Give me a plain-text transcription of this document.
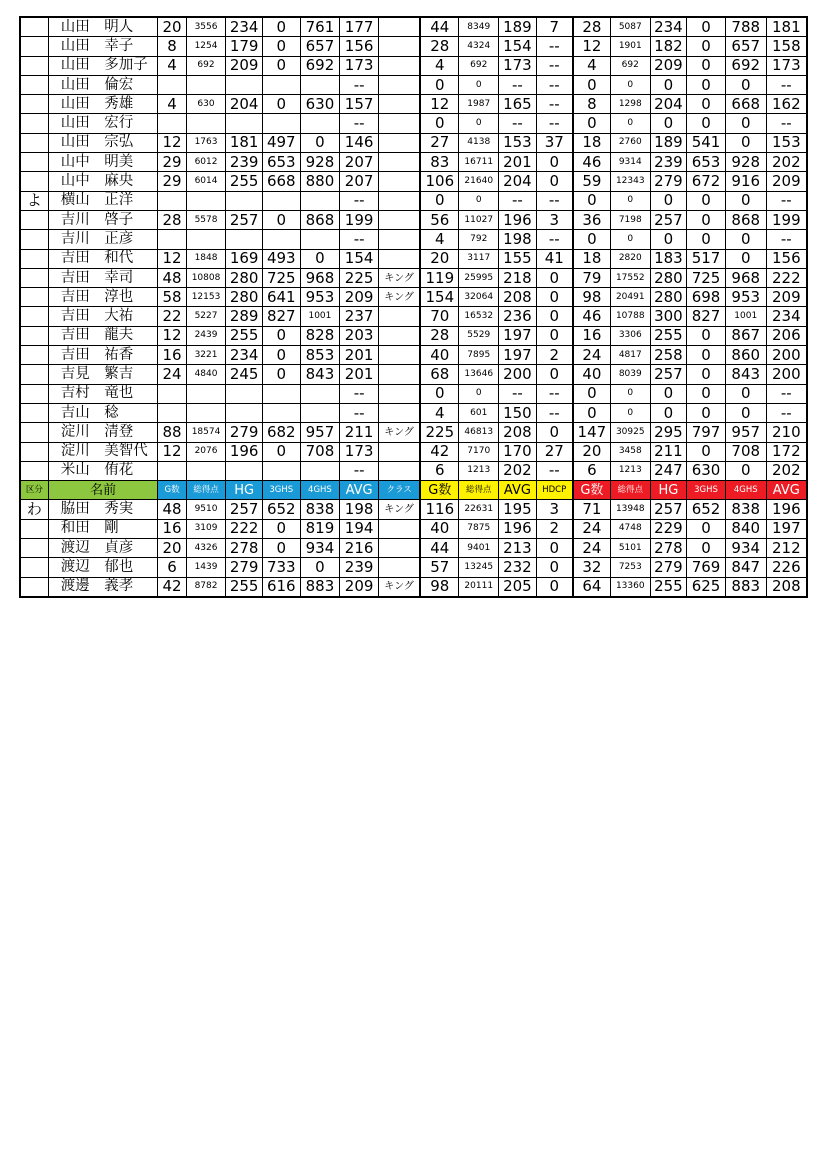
	山田　明人	20	3556	234	0	761	177		44	8349	189	7	28	5087	234	0	788	181
	山田　幸子	8	1254	179	0	657	156		28	4324	154	--	12	1901	182	0	657	158
	山田　多加子	4	692	209	0	692	173		4	692	173	--	4	692	209	0	692	173
	山田　倫宏						--		0	0	--	--	0	0	0	0	0	--
	山田　秀雄	4	630	204	0	630	157		12	1987	165	--	8	1298	204	0	668	162
	山田　宏行						--		0	0	--	--	0	0	0	0	0	--
	山田　宗弘	12	1763	181	497	0	146		27	4138	153	37	18	2760	189	541	0	153
	山中　明美	29	6012	239	653	928	207		83	16711	201	0	46	9314	239	653	928	202
	山中　麻央	29	6014	255	668	880	207		106	21640	204	0	59	12343	279	672	916	209
よ	横山　正洋						--		0	0	--	--	0	0	0	0	0	--
	吉川　啓子	28	5578	257	0	868	199		56	11027	196	3	36	7198	257	0	868	199
	吉川　正彦						--		4	792	198	--	0	0	0	0	0	--
	吉田　和代	12	1848	169	493	0	154		20	3117	155	41	18	2820	183	517	0	156
	吉田　幸司	48	10808	280	725	968	225	キング	119	25995	218	0	79	17552	280	725	968	222
	吉田　淳也	58	12153	280	641	953	209	キング	154	32064	208	0	98	20491	280	698	953	209
	吉田　大祐	22	5227	289	827	1001	237		70	16532	236	0	46	10788	300	827	1001	234
	吉田　龍夫	12	2439	255	0	828	203		28	5529	197	0	16	3306	255	0	867	206
	吉田　祐香	16	3221	234	0	853	201		40	7895	197	2	24	4817	258	0	860	200
	吉見　繁吉	24	4840	245	0	843	201		68	13646	200	0	40	8039	257	0	843	200
	吉村　竜也						--		0	0	--	--	0	0	0	0	0	--
	吉山　稔						--		4	601	150	--	0	0	0	0	0	--
	淀川　清登	88	18574	279	682	957	211	キング	225	46813	208	0	147	30925	295	797	957	210
	淀川　美智代	12	2076	196	0	708	173		42	7170	170	27	20	3458	211	0	708	172
	米山　侑花						--		6	1213	202	--	6	1213	247	630	0	202
区分	名前	G数	総得点	HG	3GHS	4GHS	AVG	クラス	G数	総得点	AVG	HDCP	G数	総得点	HG	3GHS	4GHS	AVG
わ	脇田　秀実	48	9510	257	652	838	198	キング	116	22631	195	3	71	13948	257	652	838	196
	和田　剛	16	3109	222	0	819	194		40	7875	196	2	24	4748	229	0	840	197
	渡辺　貞彦	20	4326	278	0	934	216		44	9401	213	0	24	5101	278	0	934	212
	渡辺　郁也	6	1439	279	733	0	239		57	13245	232	0	32	7253	279	769	847	226
	渡邊　義孝	42	8782	255	616	883	209	キング	98	20111	205	0	64	13360	255	625	883	208
